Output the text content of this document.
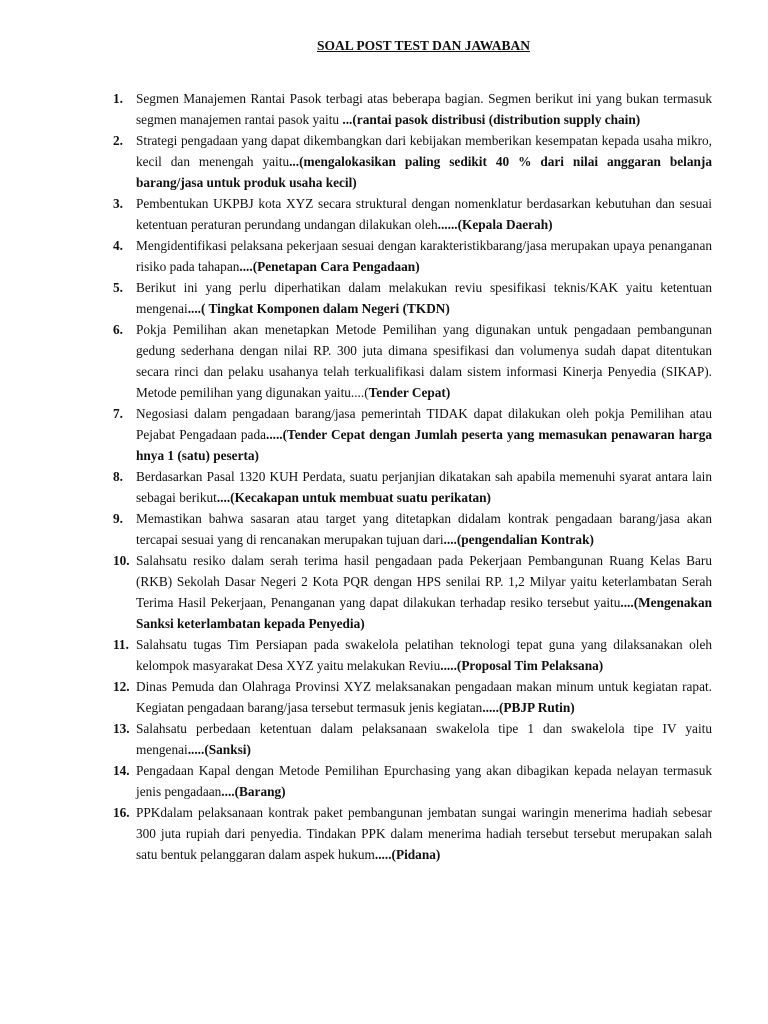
SOAL POST TEST DAN JAWABAN
1. Segmen Manajemen Rantai Pasok terbagi atas beberapa bagian. Segmen berikut ini yang bukan termasuk segmen manajemen rantai pasok yaitu ...(rantai pasok distribusi (distribution supply chain)
2. Strategi pengadaan yang dapat dikembangkan dari kebijakan memberikan kesempatan kepada usaha mikro, kecil dan menengah yaitu...(mengalokasikan paling sedikit 40 % dari nilai anggaran belanja barang/jasa untuk produk usaha kecil)
3. Pembentukan UKPBJ kota XYZ secara struktural dengan nomenklatur berdasarkan kebutuhan dan sesuai ketentuan peraturan perundang undangan dilakukan oleh......(Kepala Daerah)
4. Mengidentifikasi pelaksana pekerjaan sesuai dengan karakteristikbarang/jasa merupakan upaya penanganan risiko pada tahapan....(Penetapan Cara Pengadaan)
5. Berikut ini yang perlu diperhatikan dalam melakukan reviu spesifikasi teknis/KAK yaitu ketentuan mengenai....( Tingkat Komponen dalam Negeri (TKDN)
6. Pokja Pemilihan akan menetapkan Metode Pemilihan yang digunakan untuk pengadaan pembangunan gedung sederhana dengan nilai RP. 300 juta dimana spesifikasi dan volumenya sudah dapat ditentukan secara rinci dan pelaku usahanya telah terkualifikasi dalam sistem informasi Kinerja Penyedia (SIKAP). Metode pemilihan yang digunakan yaitu....(Tender Cepat)
7. Negosiasi dalam pengadaan barang/jasa pemerintah TIDAK dapat dilakukan oleh pokja Pemilihan atau Pejabat Pengadaan pada.....(Tender Cepat dengan Jumlah peserta yang memasukan penawaran harga hnya 1 (satu) peserta)
8. Berdasarkan Pasal 1320 KUH Perdata, suatu perjanjian dikatakan sah apabila memenuhi syarat antara lain sebagai berikut....(Kecakapan untuk membuat suatu perikatan)
9. Memastikan bahwa sasaran atau target yang ditetapkan didalam kontrak pengadaan barang/jasa akan tercapai sesuai yang di rencanakan merupakan tujuan dari....(pengendalian Kontrak)
10. Salahsatu resiko dalam serah terima hasil pengadaan pada Pekerjaan Pembangunan Ruang Kelas Baru (RKB) Sekolah Dasar Negeri 2 Kota PQR dengan HPS senilai RP. 1,2 Milyar yaitu keterlambatan Serah Terima Hasil Pekerjaan, Penanganan yang dapat dilakukan terhadap resiko tersebut yaitu....(Mengenakan Sanksi keterlambatan kepada Penyedia)
11. Salahsatu tugas Tim Persiapan pada swakelola pelatihan teknologi tepat guna yang dilaksanakan oleh kelompok masyarakat Desa XYZ yaitu melakukan Reviu.....(Proposal Tim Pelaksana)
12. Dinas Pemuda dan Olahraga Provinsi XYZ melaksanakan pengadaan makan minum untuk kegiatan rapat. Kegiatan pengadaan barang/jasa tersebut termasuk jenis kegiatan.....(PBJP Rutin)
13. Salahsatu perbedaan ketentuan dalam pelaksanaan swakelola tipe 1 dan swakelola tipe IV yaitu mengenai.....(Sanksi)
14. Pengadaan Kapal dengan Metode Pemilihan Epurchasing yang akan dibagikan kepada nelayan termasuk jenis pengadaan....(Barang)
16. PPKdalam pelaksanaan kontrak paket pembangunan jembatan sungai waringin menerima hadiah sebesar 300 juta rupiah dari penyedia. Tindakan PPK dalam menerima hadiah tersebut tersebut merupakan salah satu bentuk pelanggaran dalam aspek hukum.....(Pidana)
